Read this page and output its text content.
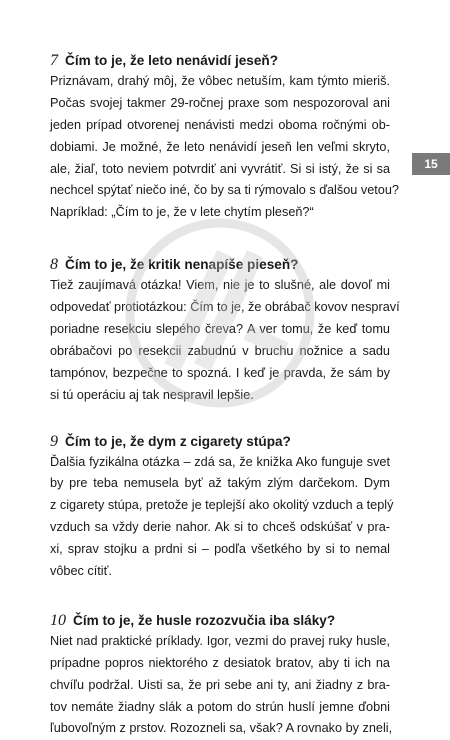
15

7 Čím to je, že leto nenávidí jeseň?

Priznávam, drahý môj, že vôbec netuším, kam týmto mieriš.
Počas svojej takmer 29-ročnej praxe som nespozoroval ani
jeden prípad otvorenej nenávisti medzi oboma ročnými ob-
dobiami. Je možné, že leto nenávidí jeseň len veľmi skryto,
ale, žiaľ, toto neviem potvrdiť ani vyvrátiť. Si si istý, že si sa
nechcel spýtať niečo iné, čo by sa ti rýmovalo s ďalšou vetou?
Napríklad: „Čím to je, že v lete chytím pleseň?“

8 Čím to je, že kritik nenapíše pieseň?

Tiež zaujímavá otázka! Viem, nie je to slušné, ale dovoľ mi
odpovedať protiotázkou: Čím to je, že obrábač kovov nespraví
poriadne resekciu slepého čreva? A ver tomu, že keď tomu
obrábačovi po resekcii zabudnú v bruchu nožnice a sadu
tampónov, bezpečne to spozná. I keď je pravda, že sám by
si tú operáciu aj tak nespravil lepšie.

9 Čím to je, že dym z cigarety stúpa?

Ďalšia fyzikálna otázka – zdá sa, že knižka Ako funguje svet
by pre teba nemusela byť až takým zlým darčekom. Dym
z cigarety stúpa, pretože je teplejší ako okolitý vzduch a teplý
vzduch sa vždy derie nahor. Ak si to chceš odskúšať v pra-
xi, sprav stojku a prdni si – podľa všetkého by si to nemal
vôbec cítiť.

10 Čím to je, že husle rozozvučia iba sláky?

Niet nad praktické príklady. Igor, vezmi do pravej ruky husle,
prípadne popros niektorého z desiatok bratov, aby ti ich na
chvíľu podržal. Uisti sa, že pri sebe ani ty, ani žiadny z bra-
tov nemáte žiadny slák a potom do strún huslí jemne ďobni
ľubovoľným z prstov. Rozozneli sa, však? A rovnako by zneli,
